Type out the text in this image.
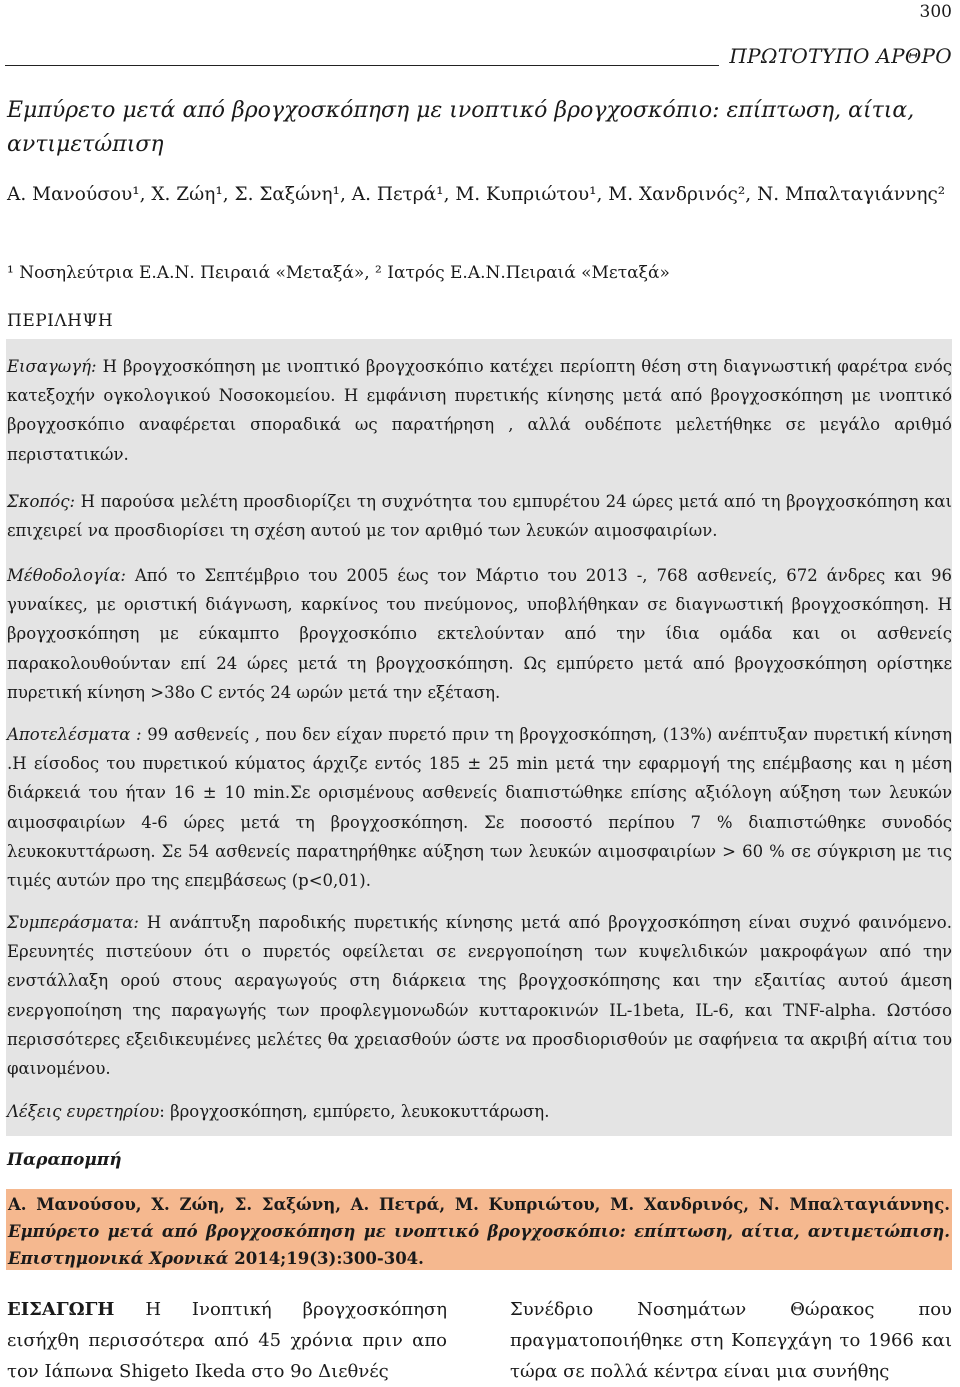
300
ΠΡΩΤΟΤΥΠΟ ΑΡΘΡΟ
Εμπύρετο μετά από βρογχοσκόπηση με ινοπτικό βρογχοσκόπιο: επίπτωση, αίτια, αντιμετώπιση
Α. Μανούσου¹, Χ. Ζώη¹, Σ. Σαξώνη¹, Α. Πετρά¹, Μ. Κυπριώτου¹, Μ. Χανδρινός², Ν. Μπαλταγιάννης²
¹ Νοσηλεύτρια Ε.Α.Ν. Πειραιά «Μεταξά», ² Ιατρός Ε.Α.Ν.Πειραιά «Μεταξά»
ΠΕΡΙΛΗΨΗ
Εισαγωγή: Η βρογχοσκόπηση με ινοπτικό βρογχοσκόπιο κατέχει περίοπτη θέση στη διαγνωστική φαρέτρα ενός κατεξοχήν ογκολογικού Νοσοκομείου. Η εμφάνιση πυρετικής κίνησης μετά από βρογχοσκόπηση με ινοπτικό βρογχοσκόπιο αναφέρεται σποραδικά ως παρατήρηση , αλλά ουδέποτε μελετήθηκε σε μεγάλο αριθμό περιστατικών.
Σκοπός: Η παρούσα μελέτη προσδιορίζει τη συχνότητα του εμπυρέτου 24 ώρες μετά από τη βρογχοσκόπηση και επιχειρεί να προσδιορίσει τη σχέση αυτού με τον αριθμό των λευκών αιμοσφαιρίων.
Μέθοδολογία: Από το Σεπτέμβριο του 2005 έως τον Μάρτιο του 2013 -, 768 ασθενείς, 672 άνδρες και 96 γυναίκες, με οριστική διάγνωση, καρκίνος του πνεύμονος, υποβλήθηκαν σε διαγνωστική βρογχοσκόπηση. Η βρογχοσκόπηση με εύκαμπτο βρογχοσκόπιο εκτελούνταν από την ίδια ομάδα και οι ασθενείς παρακολουθούνταν επί 24 ώρες μετά τη βρογχοσκόπηση. Ως εμπύρετο μετά από βρογχοσκόπηση ορίστηκε πυρετική κίνηση >38ο C εντός 24 ωρών μετά την εξέταση.
Αποτελέσματα : 99 ασθενείς , που δεν είχαν πυρετό πριν τη βρογχοσκόπηση, (13%) ανέπτυξαν πυρετική κίνηση .Η είσοδος του πυρετικού κύματος άρχιζε εντός 185 ± 25 min μετά την εφαρμογή της επέμβασης και η μέση διάρκειά του ήταν 16 ± 10 min.Σε ορισμένους ασθενείς διαπιστώθηκε επίσης αξιόλογη αύξηση των λευκών αιμοσφαιρίων 4-6 ώρες μετά τη βρογχοσκόπηση. Σε ποσοστό περίπου 7 % διαπιστώθηκε συνοδός λευκοκυττάρωση. Σε 54 ασθενείς παρατηρήθηκε αύξηση των λευκών αιμοσφαιρίων > 60 % σε σύγκριση με τις τιμές αυτών προ της επεμβάσεως (p<0,01).
Συμπεράσματα: Η ανάπτυξη παροδικής πυρετικής κίνησης μετά από βρογχοσκόπηση είναι συχνό φαινόμενο. Ερευνητές πιστεύουν ότι ο πυρετός οφείλεται σε ενεργοποίηση των κυψελιδικών μακροφάγων από την ενστάλλαξη ορού στους αεραγωγούς στη διάρκεια της βρογχοσκόπησης και την εξαιτίας αυτού άμεση ενεργοποίηση της παραγωγής των προφλεγμονωδών κυτταροκινών IL-1beta, IL-6, και TNF-alpha. Ωστόσο περισσότερες εξειδικευμένες μελέτες θα χρειασθούν ώστε να προσδιορισθούν με σαφήνεια τα ακριβή αίτια του φαινομένου.
Λέξεις ευρετηρίου: βρογχοσκόπηση, εμπύρετο, λευκοκυττάρωση.
Παραπομπή
Α. Μανούσου, Χ. Ζώη, Σ. Σαξώνη, Α. Πετρά, Μ. Κυπριώτου, Μ. Χανδρινός, Ν. Μπαλταγιάννης. Εμπύρετο μετά από βρογχοσκόπηση με ινοπτικό βρογχοσκόπιο: επίπτωση, αίτια, αντιμετώπιση. Επιστημονικά Χρονικά 2014;19(3):300-304.
ΕΙΣΑΓΩΓΗ Η Ινοπτική βρογχοσκόπηση εισήχθη περισσότερα από 45 χρόνια πριν απο τον Ιάπωνα Shigeto Ikeda στο 9ο Διεθνές
Συνέδριο Νοσημάτων Θώρακος που πραγματοποιήθηκε στη Κοπεγχάγη το 1966 και τώρα σε πολλά κέντρα είναι μια συνήθης
